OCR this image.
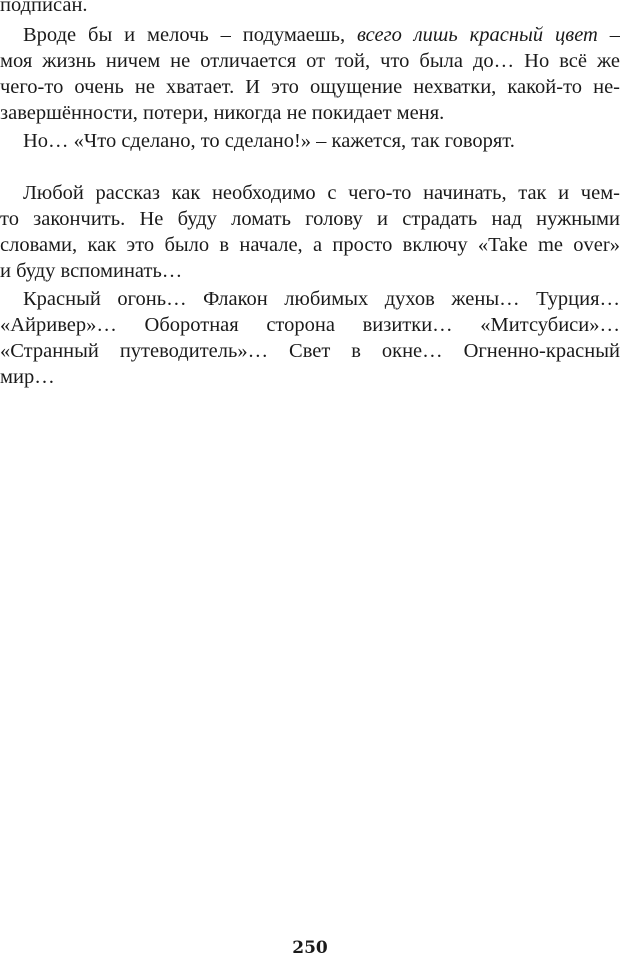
подписан.
Вроде бы и мелочь – подумаешь, всего лишь красный цвет –
моя жизнь ничем не отличается от той, что была до… Но всё же
чего-то очень не хватает. И это ощущение нехватки, какой-то не-
завершённости, потери, никогда не покидает меня.
Но… «Что сделано, то сделано!» – кажется, так говорят.
Любой рассказ как необходимо с чего-то начинать, так и чем-
то закончить. Не буду ломать голову и страдать над нужными
словами, как это было в начале, а просто включу «Take me over»
и буду вспоминать…
Красный огонь… Флакон любимых духов жены… Турция…
«Айривер»… Оборотная сторона визитки… «Митсубиси»…
«Странный путеводитель»… Свет в окне… Огненно-красный
мир…
250
